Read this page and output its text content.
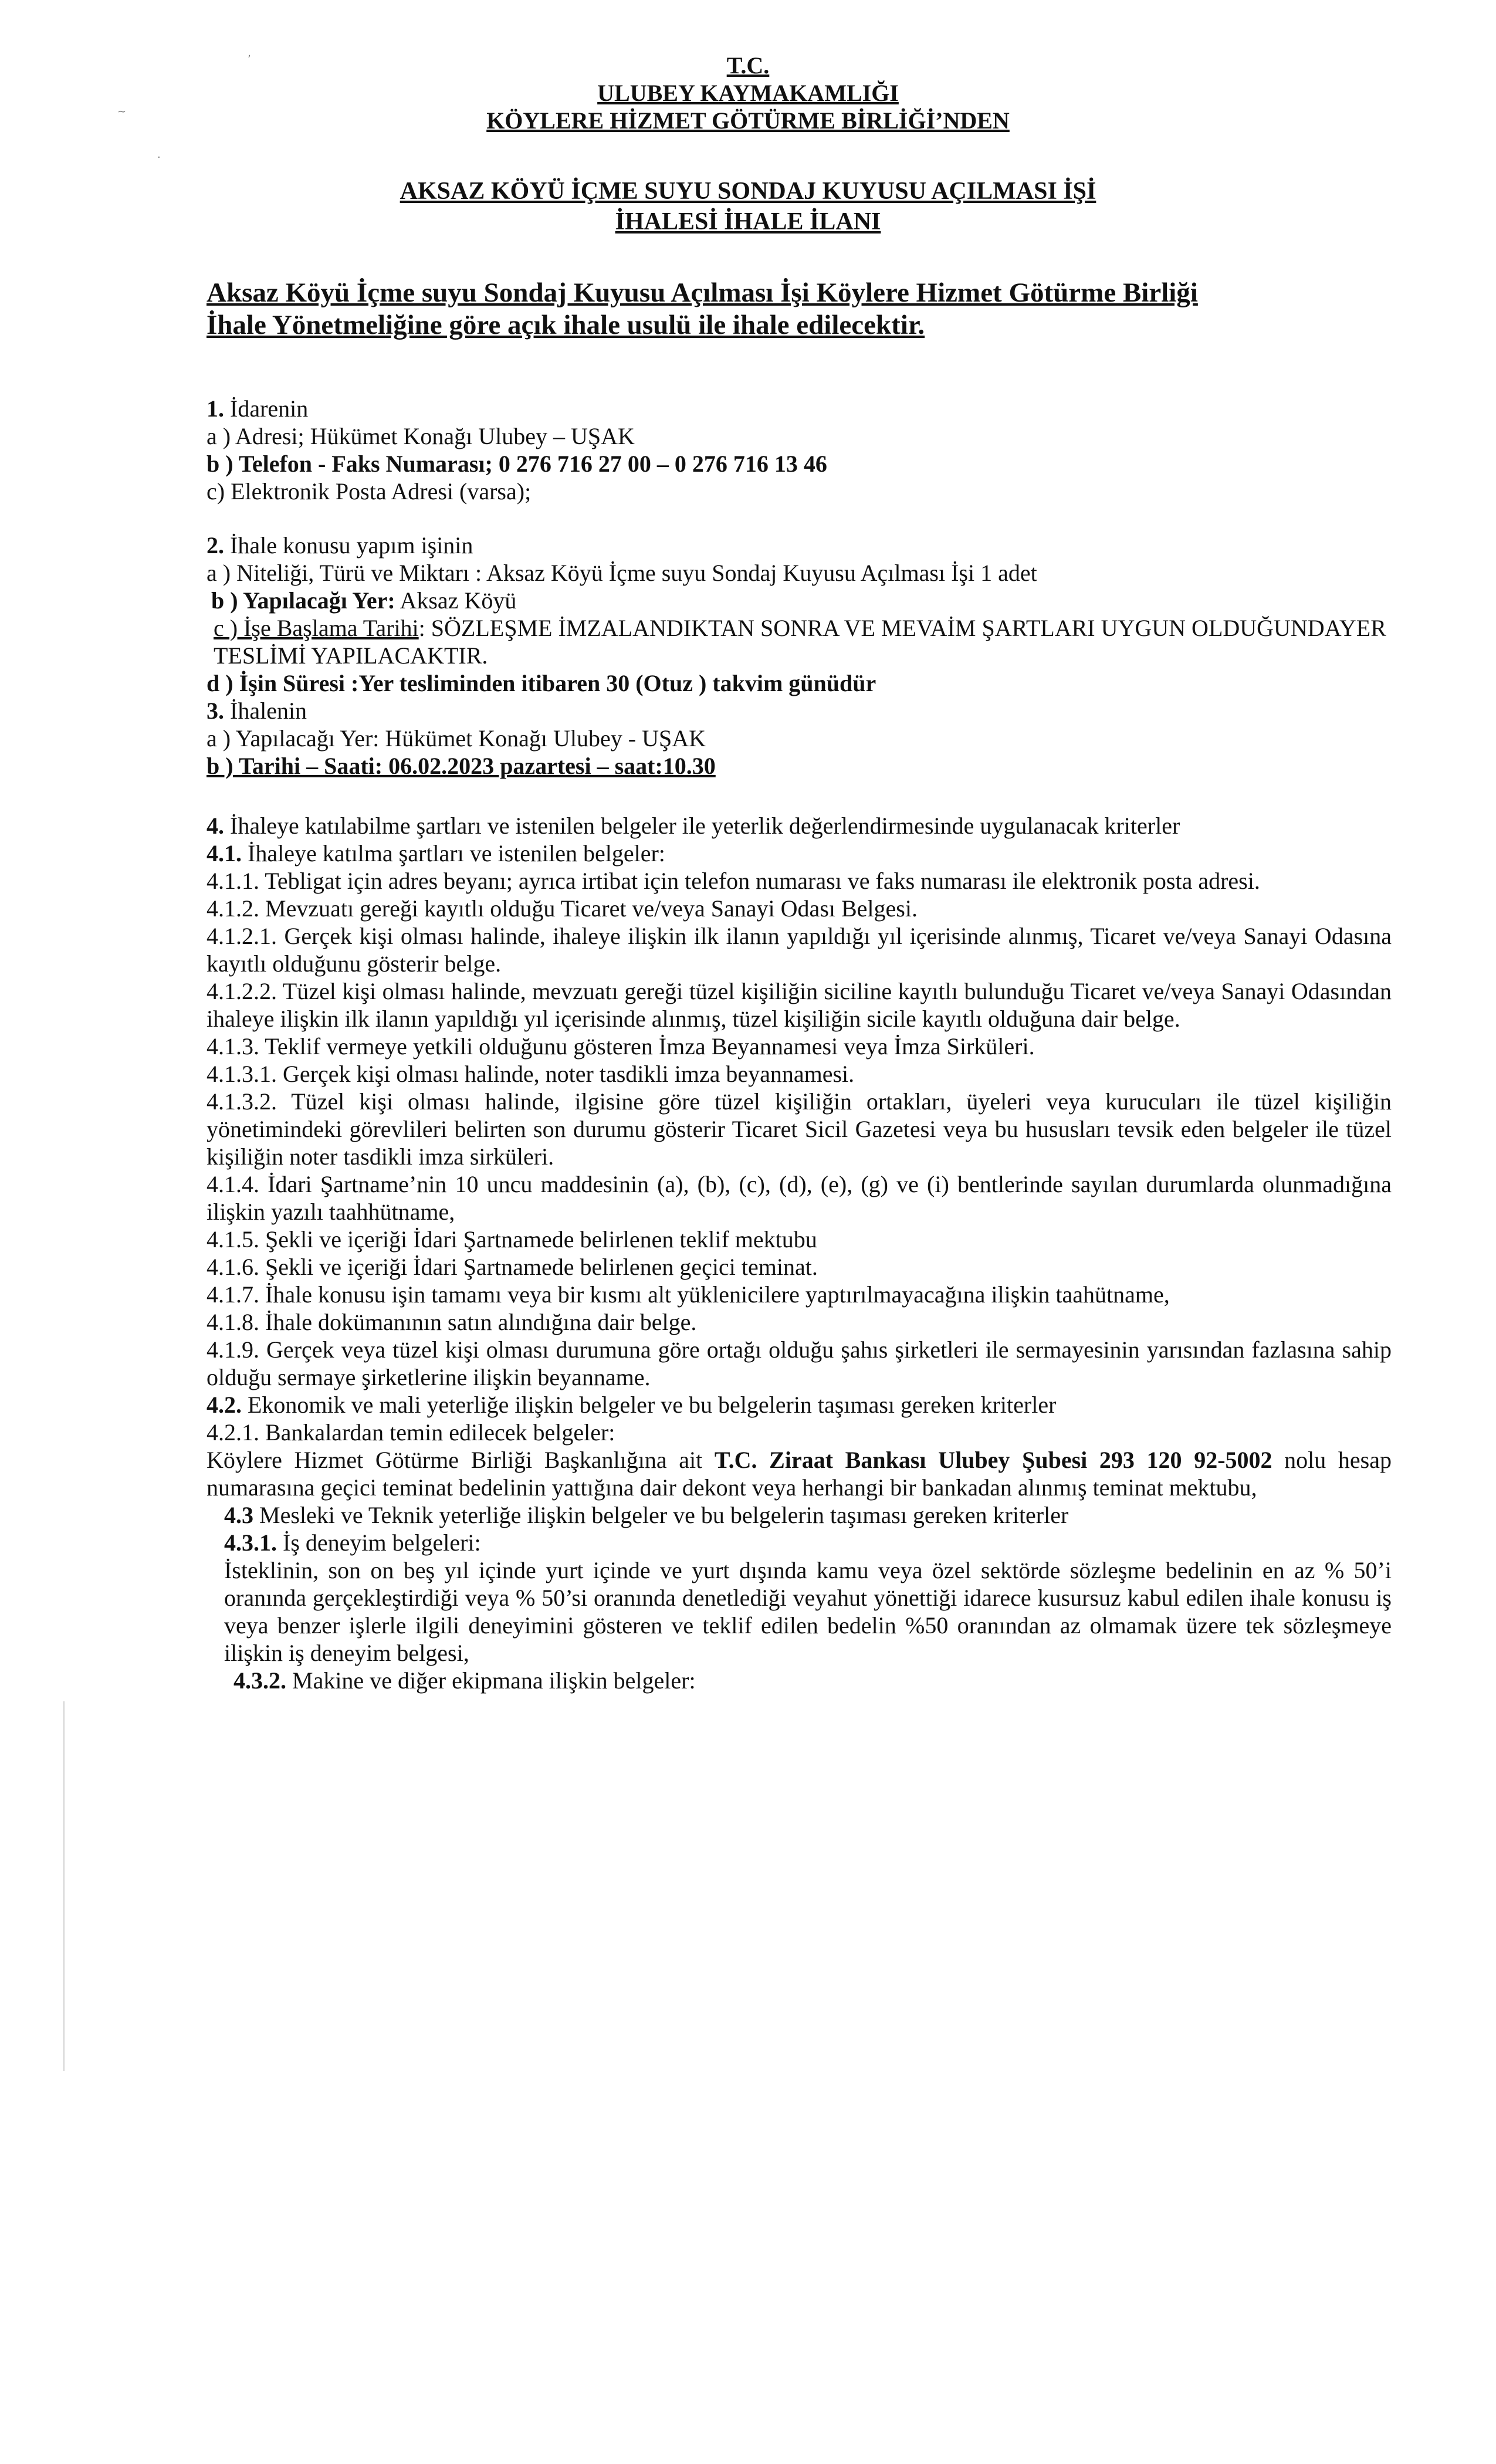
‚
∼
·
T.C.
ULUBEY KAYMAKAMLIĞI
KÖYLERE HİZMET GÖTÜRME BİRLİĞİ’NDEN
AKSAZ KÖYÜ İÇME SUYU SONDAJ KUYUSU AÇILMASI İŞİ
İHALESİ İHALE İLANI
Aksaz Köyü İçme suyu Sondaj Kuyusu Açılması İşi Köylere Hizmet Götürme Birliği
İhale Yönetmeliğine göre açık ihale usulü ile ihale edilecektir.

1. İdarenin

a ) Adresi; Hükümet Konağı Ulubey – UŞAK

b ) Telefon - Faks Numarası; 0 276 716 27 00 – 0 276 716 13 46

c) Elektronik Posta Adresi (varsa);

2. İhale konusu yapım işinin

a ) Niteliği, Türü ve Miktarı : Aksaz Köyü İçme suyu Sondaj Kuyusu Açılması İşi 1 adet

b ) Yapılacağı Yer: Aksaz Köyü

c ) İşe Başlama Tarihi: SÖZLEŞME İMZALANDIKTAN SONRA VE MEVAİM ŞARTLARI UYGUN OLDUĞUNDAYER TESLİMİ YAPILACAKTIR.

d ) İşin Süresi :Yer tesliminden itibaren 30 (Otuz ) takvim günüdür

3. İhalenin

a ) Yapılacağı Yer: Hükümet Konağı Ulubey - UŞAK

b ) Tarihi – Saati: 06.02.2023 pazartesi – saat:10.30

4. İhaleye katılabilme şartları ve istenilen belgeler ile yeterlik değerlendirmesinde uygulanacak kriterler

4.1. İhaleye katılma şartları ve istenilen belgeler:

4.1.1. Tebligat için adres beyanı; ayrıca irtibat için telefon numarası ve faks numarası ile elektronik posta adresi.

4.1.2. Mevzuatı gereği kayıtlı olduğu Ticaret ve/veya Sanayi Odası Belgesi.

4.1.2.1. Gerçek kişi olması halinde, ihaleye ilişkin ilk ilanın yapıldığı yıl içerisinde alınmış, Ticaret ve/veya Sanayi Odasına kayıtlı olduğunu gösterir belge.

4.1.2.2. Tüzel kişi olması halinde, mevzuatı gereği tüzel kişiliğin siciline kayıtlı bulunduğu Ticaret ve/veya Sanayi Odasından ihaleye ilişkin ilk ilanın yapıldığı yıl içerisinde alınmış, tüzel kişiliğin sicile kayıtlı olduğuna dair belge.

4.1.3. Teklif vermeye yetkili olduğunu gösteren İmza Beyannamesi veya İmza Sirküleri.

4.1.3.1. Gerçek kişi olması halinde, noter tasdikli imza beyannamesi.

4.1.3.2. Tüzel kişi olması halinde, ilgisine göre tüzel kişiliğin ortakları, üyeleri veya kurucuları ile tüzel kişiliğin yönetimindeki görevlileri belirten son durumu gösterir Ticaret Sicil Gazetesi veya bu hususları tevsik eden belgeler ile tüzel kişiliğin noter tasdikli imza sirküleri.

4.1.4. İdari Şartname’nin 10 uncu maddesinin (a), (b), (c), (d), (e), (g) ve (i) bentlerinde sayılan durumlarda olunmadığına ilişkin yazılı taahhütname,

4.1.5. Şekli ve içeriği İdari Şartnamede belirlenen teklif mektubu

4.1.6. Şekli ve içeriği İdari Şartnamede belirlenen geçici teminat.

4.1.7. İhale konusu işin tamamı veya bir kısmı alt yüklenicilere yaptırılmayacağına ilişkin taahütname,

4.1.8. İhale dokümanının satın alındığına dair belge.

4.1.9. Gerçek veya tüzel kişi olması durumuna göre ortağı olduğu şahıs şirketleri ile sermayesinin yarısından fazlasına sahip olduğu sermaye şirketlerine ilişkin beyanname.

4.2. Ekonomik ve mali yeterliğe ilişkin belgeler ve bu belgelerin taşıması gereken kriterler

4.2.1. Bankalardan temin edilecek belgeler:

Köylere Hizmet Götürme Birliği Başkanlığına ait T.C. Ziraat Bankası Ulubey Şubesi 293 120 92-5002 nolu hesap numarasına geçici teminat bedelinin yattığına dair dekont veya herhangi bir bankadan alınmış teminat mektubu,

4.3 Mesleki ve Teknik yeterliğe ilişkin belgeler ve bu belgelerin taşıması gereken kriterler

4.3.1. İş deneyim belgeleri:

İsteklinin, son on beş yıl içinde yurt içinde ve yurt dışında kamu veya özel sektörde sözleşme bedelinin en az % 50’i oranında gerçekleştirdiği veya % 50’si oranında denetlediği veyahut yönettiği idarece kusursuz kabul edilen ihale konusu iş veya benzer işlerle ilgili deneyimini gösteren ve teklif edilen bedelin %50 oranından az olmamak üzere tek sözleşmeye ilişkin iş deneyim belgesi,

4.3.2. Makine ve diğer ekipmana ilişkin belgeler:
